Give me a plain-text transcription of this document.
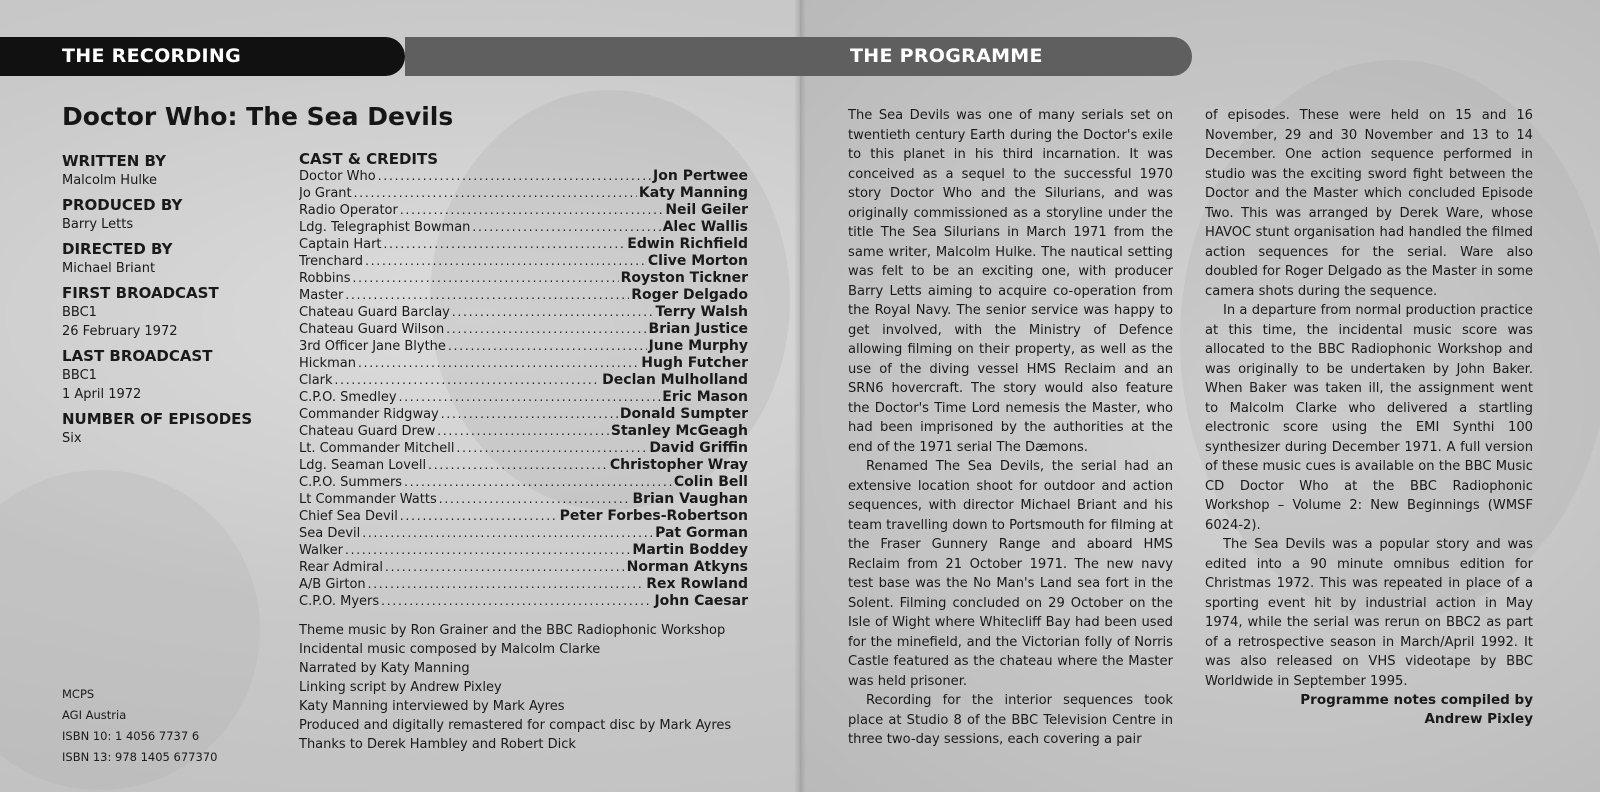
THE RECORDING	THE PROGRAMME
Doctor Who: The Sea Devils
WRITTEN BY
Malcolm Hulke
PRODUCED BY
Barry Letts
DIRECTED BY
Michael Briant
FIRST BROADCAST
BBC1
26 February 1972
LAST BROADCAST
BBC1
1 April 1972
NUMBER OF EPISODES
Six
MCPS
AGI Austria
ISBN 10: 1 4056 7737 6
ISBN 13: 978 1405 677370
CAST & CREDITS
Doctor Who . . .	Jon Pertwee
Jo Grant . . .	Katy Manning
Radio Operator . . .	Neil Geiler
Ldg. Telegraphist Bowman . . .	Alec Wallis
Captain Hart . . .	Edwin Richfield
Trenchard . . .	Clive Morton
Robbins . . .	Royston Tickner
Master . . .	Roger Delgado
Chateau Guard Barclay . . .	Terry Walsh
Chateau Guard Wilson . . .	Brian Justice
3rd Officer Jane Blythe . . .	June Murphy
Hickman . . .	Hugh Futcher
Clark . . .	Declan Mulholland
C.P.O. Smedley . . .	Eric Mason
Commander Ridgway . . .	Donald Sumpter
Chateau Guard Drew . . .	Stanley McGeagh
Lt. Commander Mitchell . . .	David Griffin
Ldg. Seaman Lovell . . .	Christopher Wray
C.P.O. Summers . . .	Colin Bell
Lt Commander Watts . . .	Brian Vaughan
Chief Sea Devil . . .	Peter Forbes-Robertson
Sea Devil . . .	Pat Gorman
Walker . . .	Martin Boddey
Rear Admiral . . .	Norman Atkyns
A/B Girton . . .	Rex Rowland
C.P.O. Myers . . .	John Caesar
Theme music by Ron Grainer and the BBC Radiophonic Workshop
Incidental music composed by Malcolm Clarke
Narrated by Katy Manning
Linking script by Andrew Pixley
Katy Manning interviewed by Mark Ayres
Produced and digitally remastered for compact disc by Mark Ayres
Thanks to Derek Hambley and Robert Dick

The Sea Devils was one of many serials set on twentieth century Earth during the Doctor's exile to this planet in his third incarnation. It was conceived as a sequel to the successful 1970 story Doctor Who and the Silurians, and was originally commissioned as a storyline under the title The Sea Silurians in March 1971 from the same writer, Malcolm Hulke. The nautical setting was felt to be an exciting one, with producer Barry Letts aiming to acquire co-operation from the Royal Navy. The senior service was happy to get involved, with the Ministry of Defence allowing filming on their property, as well as the use of the diving vessel HMS Reclaim and an SRN6 hovercraft. The story would also feature the Doctor's Time Lord nemesis the Master, who had been imprisoned by the authorities at the end of the 1971 serial The Dæmons.

Renamed The Sea Devils, the serial had an extensive location shoot for outdoor and action sequences, with director Michael Briant and his team travelling down to Portsmouth for filming at the Fraser Gunnery Range and aboard HMS Reclaim from 21 October 1971. The new navy test base was the No Man's Land sea fort in the Solent. Filming concluded on 29 October on the Isle of Wight where Whitecliff Bay had been used for the minefield, and the Victorian folly of Norris Castle featured as the chateau where the Master was held prisoner.

Recording for the interior sequences took place at Studio 8 of the BBC Television Centre in three two-day sessions, each covering a pair

of episodes. These were held on 15 and 16 November, 29 and 30 November and 13 to 14 December. One action sequence performed in studio was the exciting sword fight between the Doctor and the Master which concluded Episode Two. This was arranged by Derek Ware, whose HAVOC stunt organisation had handled the filmed action sequences for the serial. Ware also doubled for Roger Delgado as the Master in some camera shots during the sequence.

In a departure from normal production practice at this time, the incidental music score was allocated to the BBC Radiophonic Workshop and was originally to be undertaken by John Baker. When Baker was taken ill, the assignment went to Malcolm Clarke who delivered a startling electronic score using the EMI Synthi 100 synthesizer during December 1971. A full version of these music cues is available on the BBC Music CD Doctor Who at the BBC Radiophonic Workshop – Volume 2: New Beginnings (WMSF 6024-2).

The Sea Devils was a popular story and was edited into a 90 minute omnibus edition for Christmas 1972. This was repeated in place of a sporting event hit by industrial action in May 1974, while the serial was rerun on BBC2 as part of a retrospective season in March/April 1992. It was also released on VHS videotape by BBC Worldwide in September 1995.

Programme notes compiled by
Andrew Pixley
